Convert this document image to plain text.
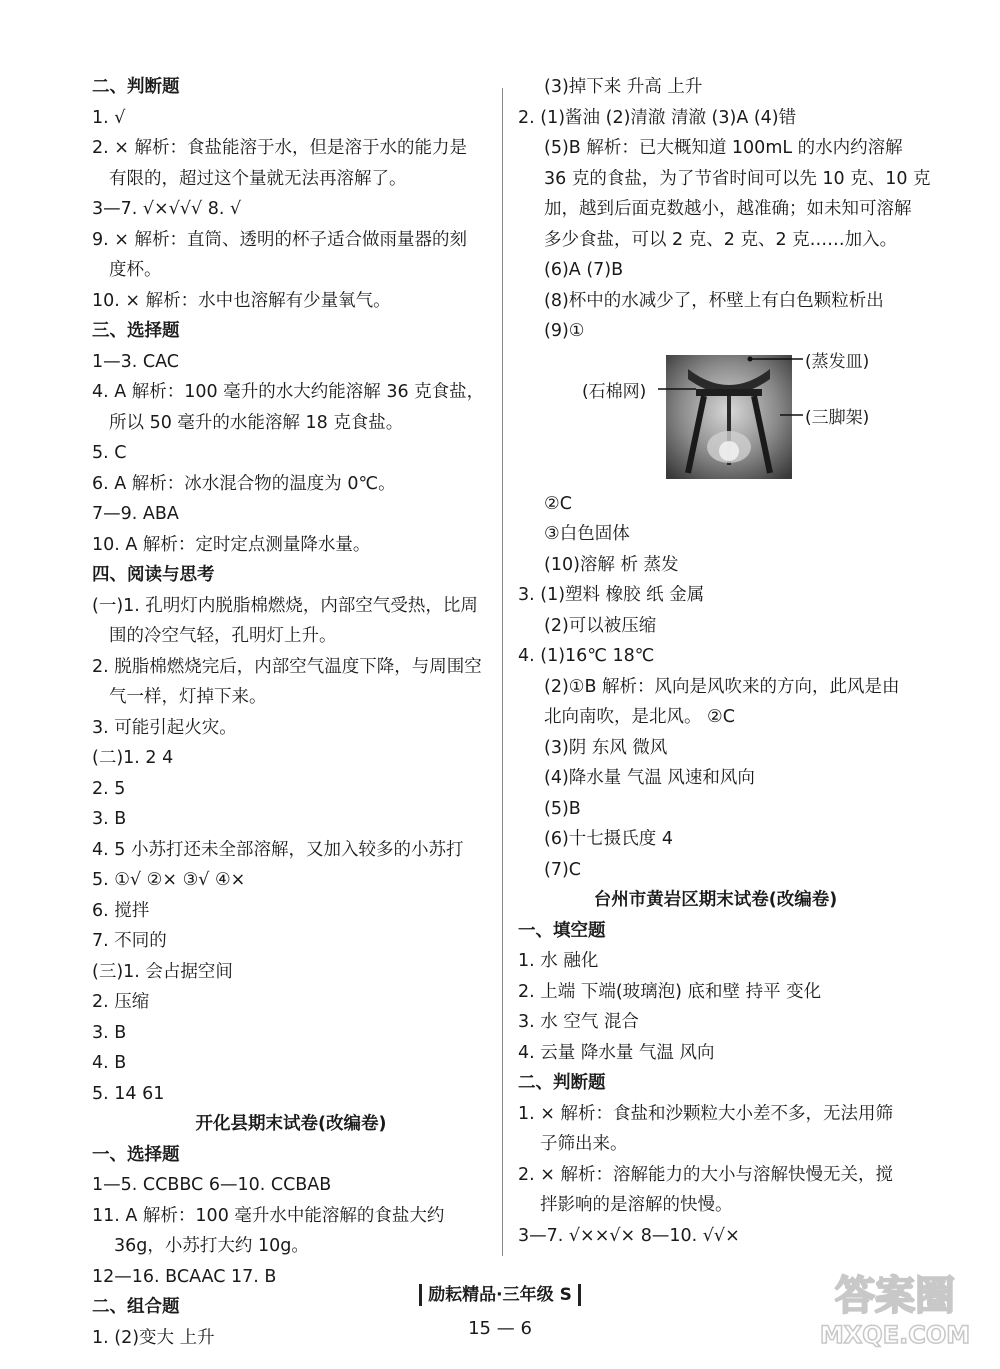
二、判断题
1. √
2. × 解析：食盐能溶于水，但是溶于水的能力是
有限的，超过这个量就无法再溶解了。
3—7. √×√√√ 8. √
9. × 解析：直筒、透明的杯子适合做雨量器的刻
度杯。
10. × 解析：水中也溶解有少量氧气。
三、选择题
1—3. CAC
4. A 解析：100 毫升的水大约能溶解 36 克食盐，
所以 50 毫升的水能溶解 18 克食盐。
5. C
6. A 解析：冰水混合物的温度为 0℃。
7—9. ABA
10. A 解析：定时定点测量降水量。
四、阅读与思考
(一)1. 孔明灯内脱脂棉燃烧，内部空气受热，比周
围的冷空气轻，孔明灯上升。
2. 脱脂棉燃烧完后，内部空气温度下降，与周围空
气一样，灯掉下来。
3. 可能引起火灾。
(二)1. 2 4
2. 5
3. B
4. 5 小苏打还未全部溶解，又加入较多的小苏打
5. ①√ ②× ③√ ④×
6. 搅拌
7. 不同的
(三)1. 会占据空间
2. 压缩
3. B
4. B
5. 14 61
开化县期末试卷(改编卷)
一、选择题
1—5. CCBBC 6—10. CCBAB
11. A 解析：100 毫升水中能溶解的食盐大约
36g，小苏打大约 10g。
12—16. BCAAC 17. B
二、组合题
1. (2)变大 上升
(3)掉下来 升高 上升
2. (1)酱油 (2)清澈 清澈 (3)A (4)错
(5)B 解析：已大概知道 100mL 的水内约溶解
36 克的食盐，为了节省时间可以先 10 克、10 克
加，越到后面克数越小，越准确；如未知可溶解
多少食盐，可以 2 克、2 克、2 克……加入。
(6)A (7)B
(8)杯中的水减少了，杯壁上有白色颗粒析出
(9)①
(蒸发皿)
(石棉网)
(三脚架)
②C
③白色固体
(10)溶解 析 蒸发
3. (1)塑料 橡胶 纸 金属
(2)可以被压缩
4. (1)16℃ 18℃
(2)①B 解析：风向是风吹来的方向，此风是由
北向南吹，是北风。 ②C
(3)阴 东风 微风
(4)降水量 气温 风速和风向
(5)B
(6)十七摄氏度 4
(7)C
台州市黄岩区期末试卷(改编卷)
一、填空题
1. 水 融化
2. 上端 下端(玻璃泡) 底和壁 持平 变化
3. 水 空气 混合
4. 云量 降水量 气温 风向
二、判断题
1. × 解析：食盐和沙颗粒大小差不多，无法用筛
子筛出来。
2. × 解析：溶解能力的大小与溶解快慢无关，搅
拌影响的是溶解的快慢。
3—7. √××√× 8—10. √√×
励耘精品·三年级 S
15 — 6
答案圈
MXQE.COM
